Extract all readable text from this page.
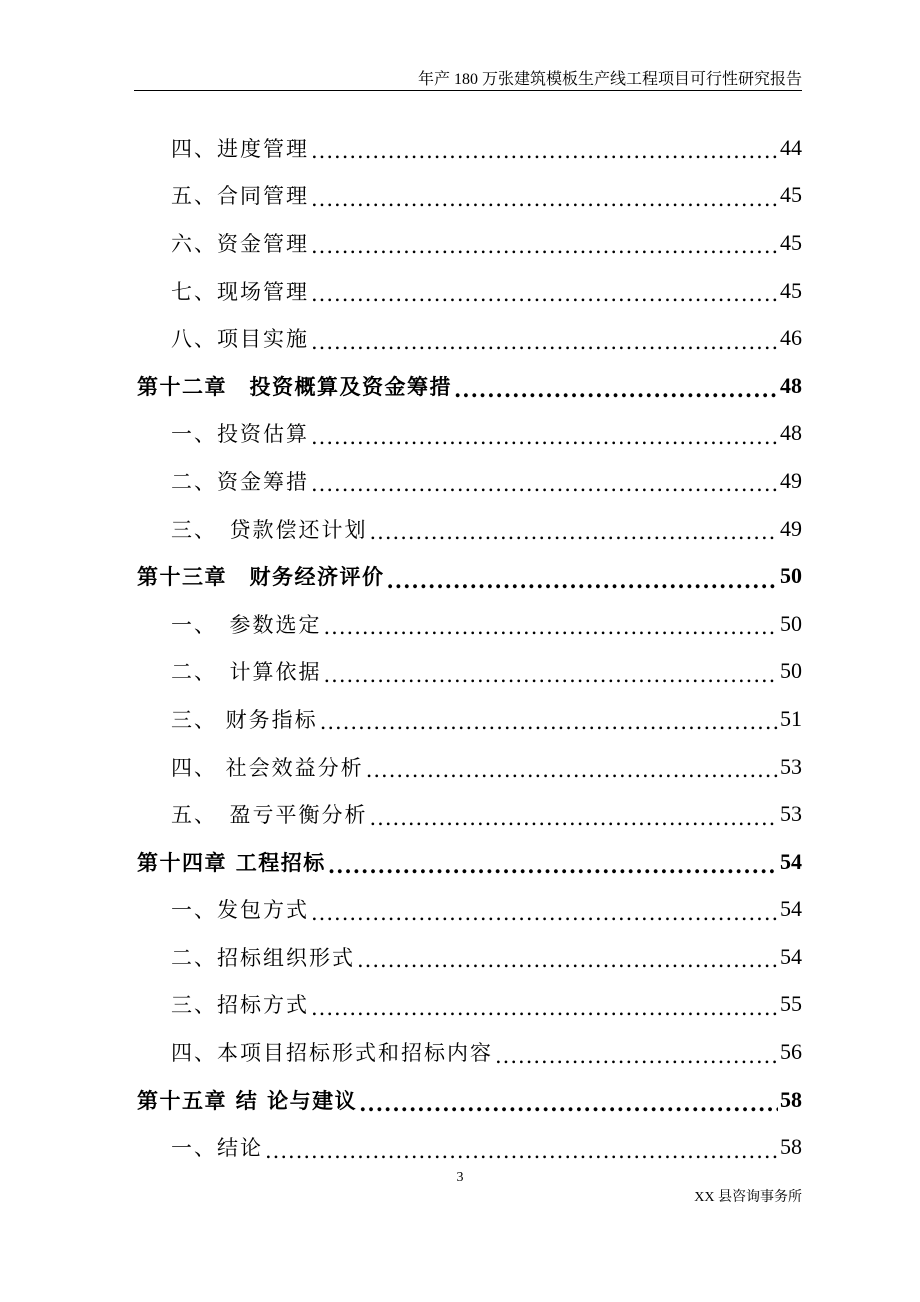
年产 180 万张建筑模板生产线工程项目可行性研究报告
四、进度管理 .....	44
五、合同管理 .....	45
六、资金管理 .....	45
七、现场管理 .....	45
八、项目实施 .....	46
第十二章　投资概算及资金筹措 .....	48
一、投资估算 .....	48
二、资金筹措 .....	49
三、　贷款偿还计划 .....	49
第十三章　财务经济评价 .....	50
一、　参数选定 .....	50
二、　计算依据 .....	50
三、 财务指标 .....	51
四、 社会效益分析 .....	53
五、　盈亏平衡分析 .....	53
第十四章 工程招标 .....	54
一、发包方式 .....	54
二、招标组织形式 .....	54
三、招标方式 .....	55
四、本项目招标形式和招标内容 .....	56
第十五章 结 论与建议 .....	58
一、结论 .....	58
3
XX 县咨询事务所
